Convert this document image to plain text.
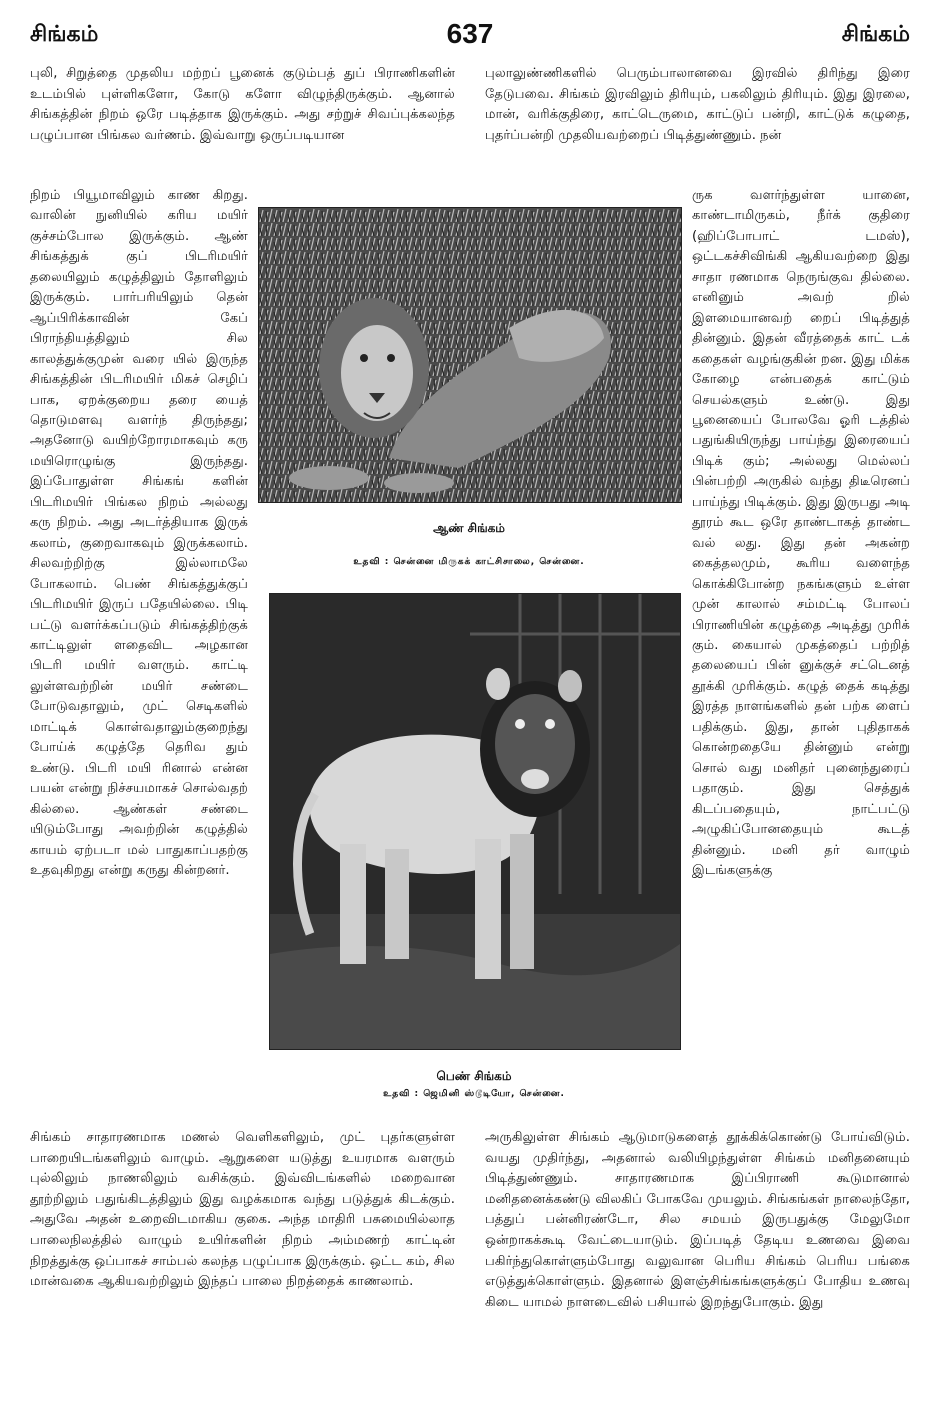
சிங்கம்	637	சிங்கம்

புலி, சிறுத்தை முதலிய மற்றப் பூனைக் குடும்பத் துப் பிராணிகளின் உடம்பில் புள்ளிகளோ, கோடு களோ விழுந்திருக்கும். ஆனால் சிங்கத்தின் நிறம் ஒரே படித்தாக இருக்கும். அது சற்றுச் சிவப்புக்கலந்த பழுப்பான பிங்கல வர்ணம். இவ்வாறு ஒருப்படியான

புலாலுண்ணிகளில் பெரும்பாலானவை இரவில் திரிந்து இரை தேடுபவை. சிங்கம் இரவிலும் திரியும், பகலிலும் திரியும். இது இரலை, மான், வரிக்குதிரை, காட்டெருமை, காட்டுப் பன்றி, காட்டுக் கழுதை, புதர்ப்பன்றி முதலியவற்றைப் பிடித்துண்ணும். நன்

நிறம் பியூமாவிலும் காண கிறது. வாலின் நுனியில் கரிய மயிர் குச்சம்போல இருக்கும். ஆண் சிங்கத்துக் குப் பிடரிமயிர் தலையிலும் கழுத்திலும் தோளிலும் இருக்கும். பார்பரியிலும் தென் ஆப்பிரிக்காவின் கேப் பிராந்தியத்திலும் சில காலத்துக்குமுன் வரை யில் இருந்த சிங்கத்தின் பிடரிமயிர் மிகச் செழிப் பாக, ஏறக்குறைய தரை யைத் தொடுமளவு வளர்ந் திருந்தது; அதனோடு வயிற்றோரமாகவும் கரு மயிரொழுங்கு இருந்தது. இப்போதுள்ள சிங்கங் களின் பிடரிமயிர் பிங்கல நிறம் அல்லது கரு நிறம். அது அடர்த்தியாக இருக் கலாம், குறைவாகவும் இருக்கலாம். சிலவற்றிற்கு இல்லாமலே போகலாம். பெண் சிங்கத்துக்குப் பிடரிமயிர் இருப் பதேயில்லை. பிடி பட்டு வளர்க்கப்படும் சிங்கத்திற்குக் காட்டிலுள் ளதைவிட அழகான பிடரி மயிர் வளரும். காட்டி லுள்ளவற்றின் மயிர் சண்டை போடுவதாலும், முட் செடிகளில் மாட்டிக் கொள்வதாலும்குறைந்து போய்க் கழுத்தே தெரிவ தும் உண்டு. பிடரி மயி ரினால் என்ன பயன் என்று நிச்சயமாகச் சொல்வதற் கில்லை. ஆண்கள் சண்டை யிடும்போது அவற்றின் கழுத்தில் காயம் ஏற்படா மல் பாதுகாப்பதற்கு உதவுகிறது என்று கருது கின்றனர்.

ருக வளர்ந்துள்ள யானை, காண்டாமிருகம், நீர்க் குதிரை (ஹிப்போபாட் டமஸ்), ஒட்டகச்சிவிங்கி ஆகியவற்றை இது சாதா ரணமாக நெருங்குவ தில்லை. எனினும் அவற் றில் இளமையானவற் றைப் பிடித்துத் தின்னும். இதன் வீரத்தைக் காட் டக் கதைகள் வழங்குகின் றன. இது மிக்க கோழை என்பதைக் காட்டும் செயல்களும் உண்டு. இது பூனையைப் போலவே ஓரி டத்தில் பதுங்கியிருந்து பாய்ந்து இரையைப் பிடிக் கும்; அல்லது மெல்லப் பின்பற்றி அருகில் வந்து திடீரெனப் பாய்ந்து பிடிக்கும். இது இருபது அடி தூரம் கூட ஒரே தாண்டாகத் தாண்ட வல் லது. இது தன் அகன்ற கைத்தலமும், கூரிய வளைந்த கொக்கிபோன்ற நகங்களும் உள்ள முன் காலால் சம்மட்டி போலப் பிராணியின் கழுத்தை அடித்து முரிக் கும். கையால் முகத்தைப் பற்றித் தலையைப் பின் னுக்குச் சட்டெனத் தூக்கி முரிக்கும். கழுத் தைக் கடித்து இரத்த நாளங்களில் தன் பற்க ளைப் பதிக்கும். இது, தான் புதிதாகக் கொன்றதையே தின்னும் என்று சொல் வது மனிதர் புனைந்துரைப் பதாகும். இது செத்துக் கிடப்பதையும், நாட்பட்டு அழுகிப்போனதையும் கூடத் தின்னும். மனி தர் வாழும் இடங்களுக்கு

ஆண் சிங்கம்
உதவி : சென்னை மிருகக் காட்சிசாலை, சென்னை.
பெண் சிங்கம்
உதவி : ஜெமினி ஸ்டூடியோ, சென்னை.

சிங்கம் சாதாரணமாக மணல் வெளிகளிலும், முட் புதர்களுள்ள பாறையிடங்களிலும் வாழும். ஆறுகளை யடுத்து உயரமாக வளரும் புல்லிலும் நாணலிலும் வசிக்கும். இவ்விடங்களில் மறைவான தூற்றிலும் பதுங்கிடத்திலும் இது வழக்கமாக வந்து படுத்துக் கிடக்கும். அதுவே அதன் உறைவிடமாகிய குகை. அந்த மாதிரி பசுமையில்லாத பாலைநிலத்தில் வாழும் உயிர்களின் நிறம் அம்மணற் காட்டின் நிறத்துக்கு ஒப்பாகச் சாம்பல் கலந்த பழுப்பாக இருக்கும். ஒட்ட கம், சில மான்வகை ஆகியவற்றிலும் இந்தப் பாலை நிறத்தைக் காணலாம்.

அருகிலுள்ள சிங்கம் ஆடுமாடுகளைத் தூக்கிக்கொண்டு போய்விடும். வயது முதிர்ந்து, அதனால் வலியிழந்துள்ள சிங்கம் மனிதனையும் பிடித்துண்ணும். சாதாரணமாக இப்பிராணி கூடுமானால் மனிதனைக்கண்டு விலகிப் போகவே முயலும். சிங்கங்கள் நாலைந்தோ, பத்துப் பன்னிரண்டோ, சில சமயம் இருபதுக்கு மேலுமோ ஒன்றாகக்கூடி வேட்டையாடும். இப்படித் தேடிய உணவை இவை பகிர்ந்துகொள்ளும்போது வலுவான பெரிய சிங்கம் பெரிய பங்கை எடுத்துக்கொள்ளும். இதனால் இளஞ்சிங்கங்களுக்குப் போதிய உணவு கிடை யாமல் நாளடைவில் பசியால் இறந்துபோகும். இது
